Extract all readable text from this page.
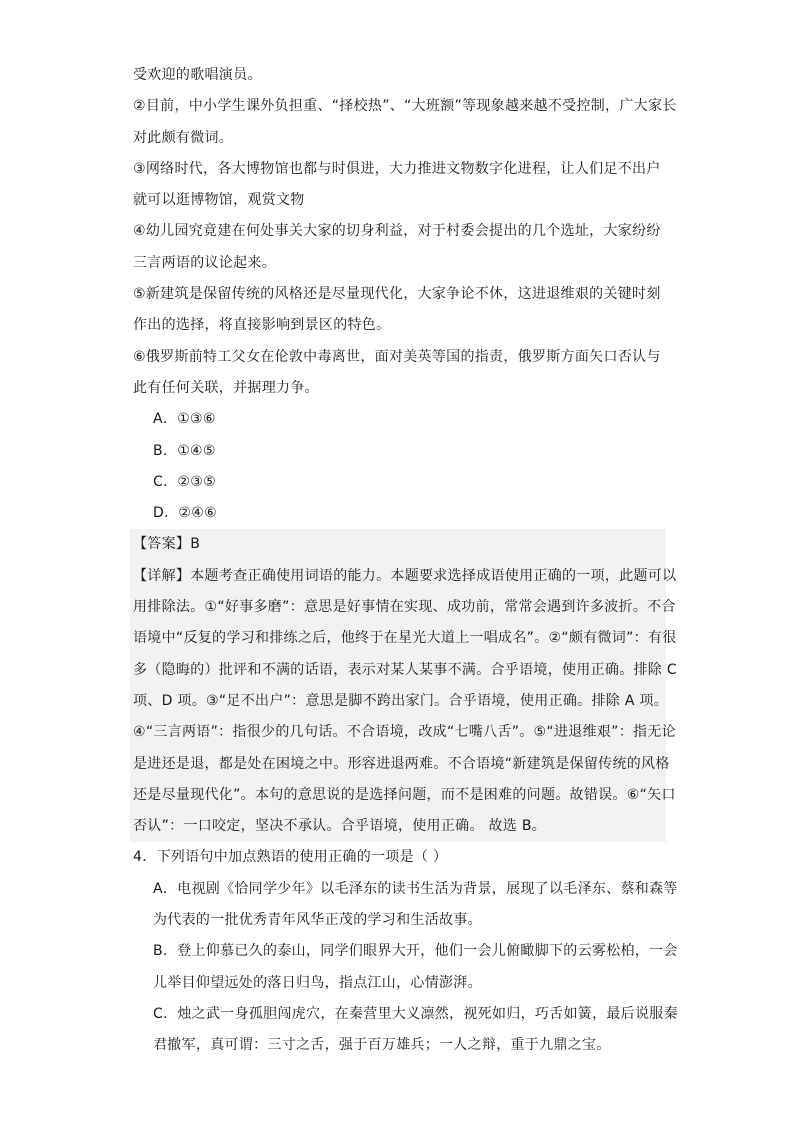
受欢迎的歌唱演员。
②目前，中小学生课外负担重、“择校热”、“大班额”等现象越来越不受控制，广大家长
对此颇有微词。
③网络时代，各大博物馆也都与时俱进，大力推进文物数字化进程，让人们足不出户
就可以逛博物馆，观赏文物
④幼儿园究竟建在何处事关大家的切身利益，对于村委会提出的几个选址，大家纷纷
三言两语的议论起来。
⑤新建筑是保留传统的风格还是尽量现代化，大家争论不休，这进退维艰的关键时刻
作出的选择，将直接影响到景区的特色。
⑥俄罗斯前特工父女在伦敦中毒离世，面对美英等国的指责，俄罗斯方面矢口否认与
此有任何关联，并据理力争。
A．①③⑥
B．①④⑤
C．②③⑤
D．②④⑥
【答案】B
【详解】本题考查正确使用词语的能力。本题要求选择成语使用正确的一项，此题可以
用排除法。①“好事多磨”：意思是好事情在实现、成功前，常常会遇到许多波折。不合
语境中“反复的学习和排练之后，他终于在星光大道上一唱成名”。②“颇有微词”：有很
多（隐晦的）批评和不满的话语，表示对某人某事不满。合乎语境，使用正确。排除 C
项、D 项。③“足不出户”：意思是脚不跨出家门。合乎语境，使用正确。排除 A 项。
④“三言两语”：指很少的几句话。不合语境，改成“七嘴八舌”。⑤“进退维艰”：指无论
是进还是退，都是处在困境之中。形容进退两难。不合语境“新建筑是保留传统的风格
还是尽量现代化”。本句的意思说的是选择问题，而不是困难的问题。故错误。⑥“矢口
否认”：一口咬定，坚决不承认。合乎语境，使用正确。 故选 B。
4．下列语句中加点熟语的使用正确的一项是（ ）
A．电视剧《恰同学少年》以毛泽东的读书生活为背景，展现了以毛泽东、蔡和森等
为代表的一批优秀青年风华正茂的学习和生活故事。
B．登上仰慕已久的泰山，同学们眼界大开，他们一会儿俯瞰脚下的云雾松柏，一会
儿举目仰望远处的落日归鸟，指点江山，心情澎湃。
C．烛之武一身孤胆闯虎穴，在秦营里大义凛然，视死如归，巧舌如簧，最后说服秦
君撤军，真可谓：三寸之舌，强于百万雄兵；一人之辩，重于九鼎之宝。
